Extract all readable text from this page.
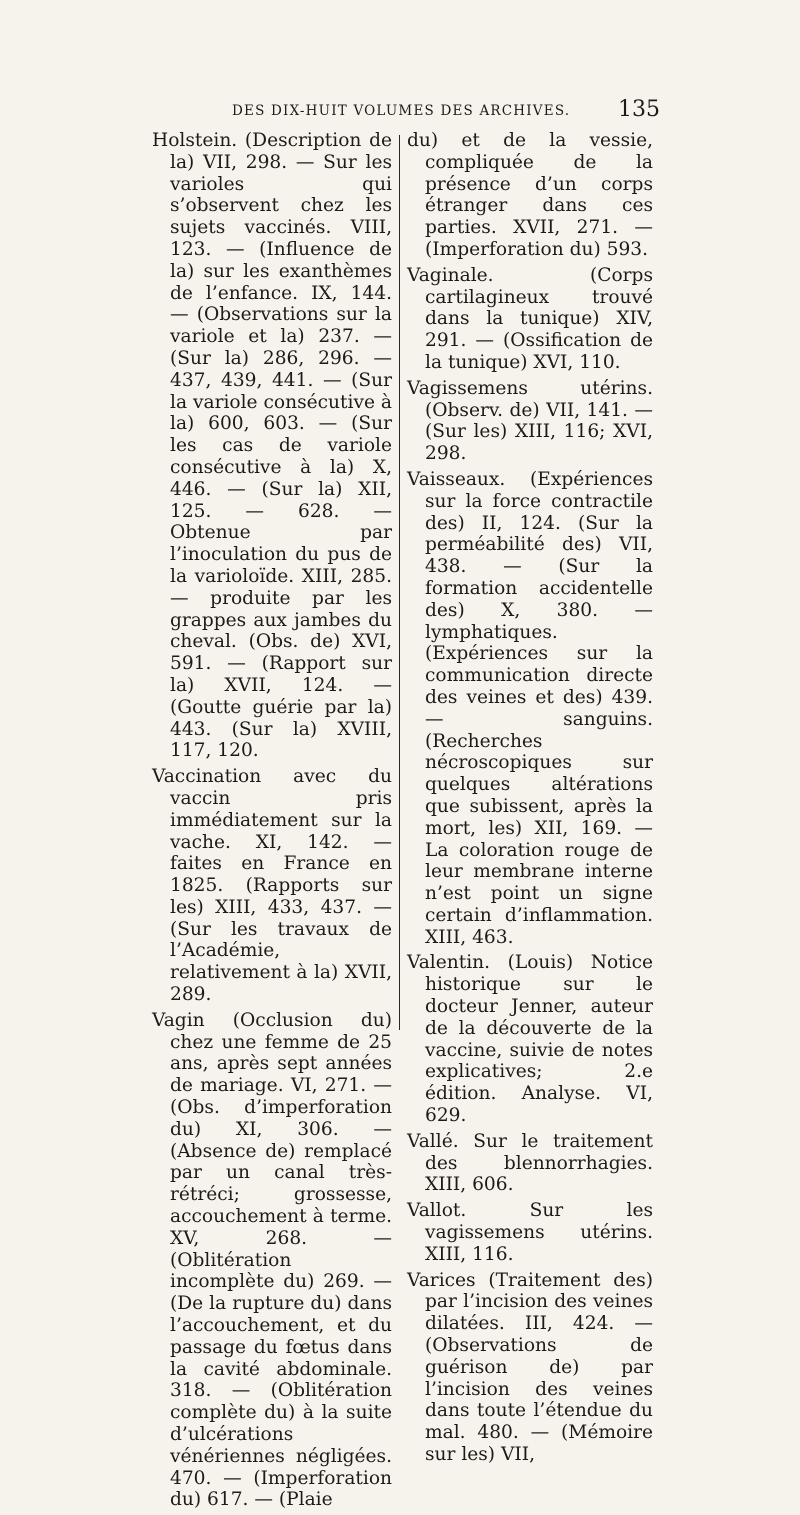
DES DIX-HUIT VOLUMES DES ARCHIVES. 135

Holstein. (Description de la) VII, 298. — Sur les varioles qui s’observent chez les sujets vaccinés. VIII, 123. — (Influence de la) sur les exanthèmes de l’enfance. IX, 144. — (Observations sur la variole et la) 237. — (Sur la) 286, 296. — 437, 439, 441. — (Sur la variole consécutive à la) 600, 603. — (Sur les cas de variole consécutive à la) X, 446. — (Sur la) XII, 125. — 628. — Obtenue par l’inoculation du pus de la varioloïde. XIII, 285. — produite par les grappes aux jambes du cheval. (Obs. de) XVI, 591. — (Rapport sur la) XVII, 124. — (Goutte guérie par la) 443. (Sur la) XVIII, 117, 120.

Vaccination avec du vaccin pris immédiatement sur la vache. XI, 142. — faites en France en 1825. (Rapports sur les) XIII, 433, 437. — (Sur les travaux de l’Académie, relativement à la) XVII, 289.

Vagin (Occlusion du) chez une femme de 25 ans, après sept années de mariage. VI, 271. — (Obs. d’imperforation du) XI, 306. — (Absence de) remplacé par un canal très-rétréci; grossesse, accouchement à terme. XV, 268. — (Oblitération incomplète du) 269. — (De la rupture du) dans l’accouchement, et du passage du fœtus dans la cavité abdominale. 318. — (Oblitération complète du) à la suite d’ulcérations vénériennes négligées. 470. — (Imperforation du) 617. — (Plaie

du) et de la vessie, compliquée de la présence d’un corps étranger dans ces parties. XVII, 271. — (Imperforation du) 593.

Vaginale. (Corps cartilagineux trouvé dans la tunique) XIV, 291. — (Ossification de la tunique) XVI, 110.

Vagissemens utérins. (Observ. de) VII, 141. — (Sur les) XIII, 116; XVI, 298.

Vaisseaux. (Expériences sur la force contractile des) II, 124. (Sur la perméabilité des) VII, 438. — (Sur la formation accidentelle des) X, 380. — lymphatiques. (Expériences sur la communication directe des veines et des) 439. — sanguins. (Recherches nécroscopiques sur quelques altérations que subissent, après la mort, les) XII, 169. — La coloration rouge de leur membrane interne n’est point un signe certain d’inflammation. XIII, 463.

Valentin. (Louis) Notice historique sur le docteur Jenner, auteur de la découverte de la vaccine, suivie de notes explicatives; 2.e édition. Analyse. VI, 629.

Vallé. Sur le traitement des blennorrhagies. XIII, 606.

Vallot. Sur les vagissemens utérins. XIII, 116.

Varices (Traitement des) par l’incision des veines dilatées. III, 424. — (Observations de guérison de) par l’incision des veines dans toute l’étendue du mal. 480. — (Mémoire sur les) VII,
